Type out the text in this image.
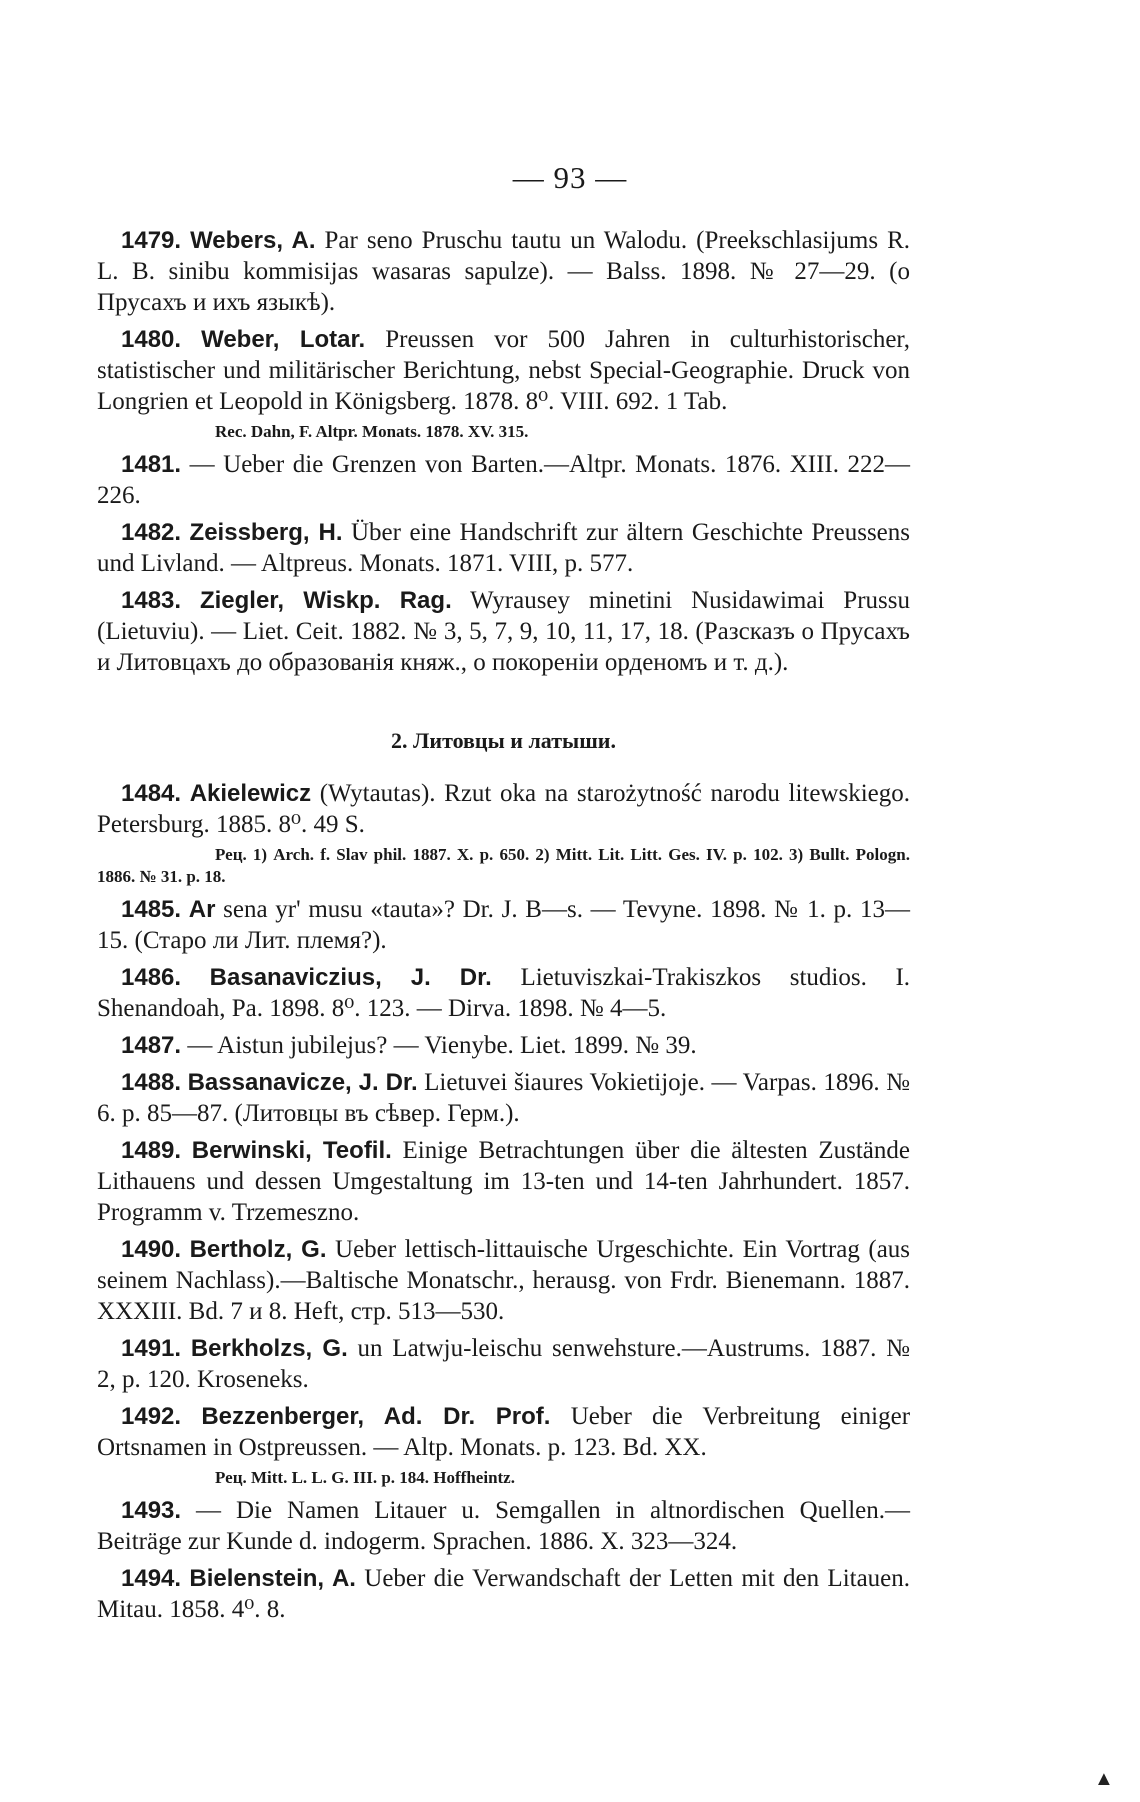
— 93 —

1479. Webers, A. Par seno Pruschu tautu un Walodu. (Preekschlasijums R. L. B. sinibu kommisijas wasaras sapulze). — Balss. 1898. № 27—29. (o Прусахъ и ихъ языкѣ).

1480. Weber, Lotar. Preussen vor 500 Jahren in culturhistorischer, statistischer und militärischer Berichtung, nebst Special-Geographie. Druck von Longrien et Leopold in Königsberg. 1878. 8⁰. VIII. 692. 1 Tab.

Rec. Dahn, F. Altpr. Monats. 1878. XV. 315.

1481. — Ueber die Grenzen von Barten.—Altpr. Monats. 1876. XIII. 222—226.

1482. Zeissberg, H. Über eine Handschrift zur ältern Geschichte Preussens und Livland. — Altpreus. Monats. 1871. VIII, p. 577.

1483. Ziegler, Wiskp. Rag. Wyrausey minetini Nusidawimai Prussu (Lietuviu). — Liet. Ceit. 1882. № 3, 5, 7, 9, 10, 11, 17, 18. (Разсказъ о Пруcахъ и Литовцахъ до образованія княж., о покореніи орденомъ и т. д.).

2. Литовцы и латыши.

1484. Akielewicz (Wytautas). Rzut oka na starożytność narodu litewskiego. Petersburg. 1885. 8⁰. 49 S.

Рец. 1) Arch. f. Slav phil. 1887. X. p. 650. 2) Mitt. Lit. Litt. Ges. IV. p. 102. 3) Bullt. Pologn. 1886. № 31. p. 18.

1485. Ar sena yr' musu «tauta»? Dr. J. B—s. — Tevyne. 1898. № 1. p. 13—15. (Старо ли Лит. племя?).

1486. Basanaviczius, J. Dr. Lietuviszkai-Trakiszkos studios. I. Shenandoah, Pa. 1898. 8⁰. 123. — Dirva. 1898. № 4—5.

1487. — Aistun jubilejus? — Vienybe. Liet. 1899. № 39.

1488. Bassanavicze, J. Dr. Lietuvei šiaures Vokietijoje. — Varpas. 1896. № 6. p. 85—87. (Литовцы въ сѣвер. Герм.).

1489. Berwinski, Teofil. Einige Betrachtungen über die ältesten Zustände Lithauens und dessen Umgestaltung im 13-ten und 14-ten Jahrhundert. 1857. Programm v. Trzemeszno.

1490. Bertholz, G. Ueber lettisch-littauische Urgeschichte. Ein Vortrag (aus seinem Nachlass).—Baltische Monatschr., herausg. von Frdr. Bienemann. 1887. XXXIII. Bd. 7 и 8. Heft, стр. 513—530.

1491. Berkholzs, G. un Latwju-leischu senwehsture.—Austrums. 1887. № 2, p. 120. Kroseneks.

1492. Bezzenberger, Ad. Dr. Prof. Ueber die Verbreitung einiger Ortsnamen in Ostpreussen. — Altp. Monats. p. 123. Bd. XX.

Рец. Mitt. L. L. G. III. p. 184. Hoffheintz.

1493. — Die Namen Litauer u. Semgallen in altnordischen Quellen.—Beiträge zur Kunde d. indogerm. Sprachen. 1886. X. 323—324.

1494. Bielenstein, A. Ueber die Verwandschaft der Letten mit den Litauen. Mitau. 1858. 4⁰. 8.

▲
